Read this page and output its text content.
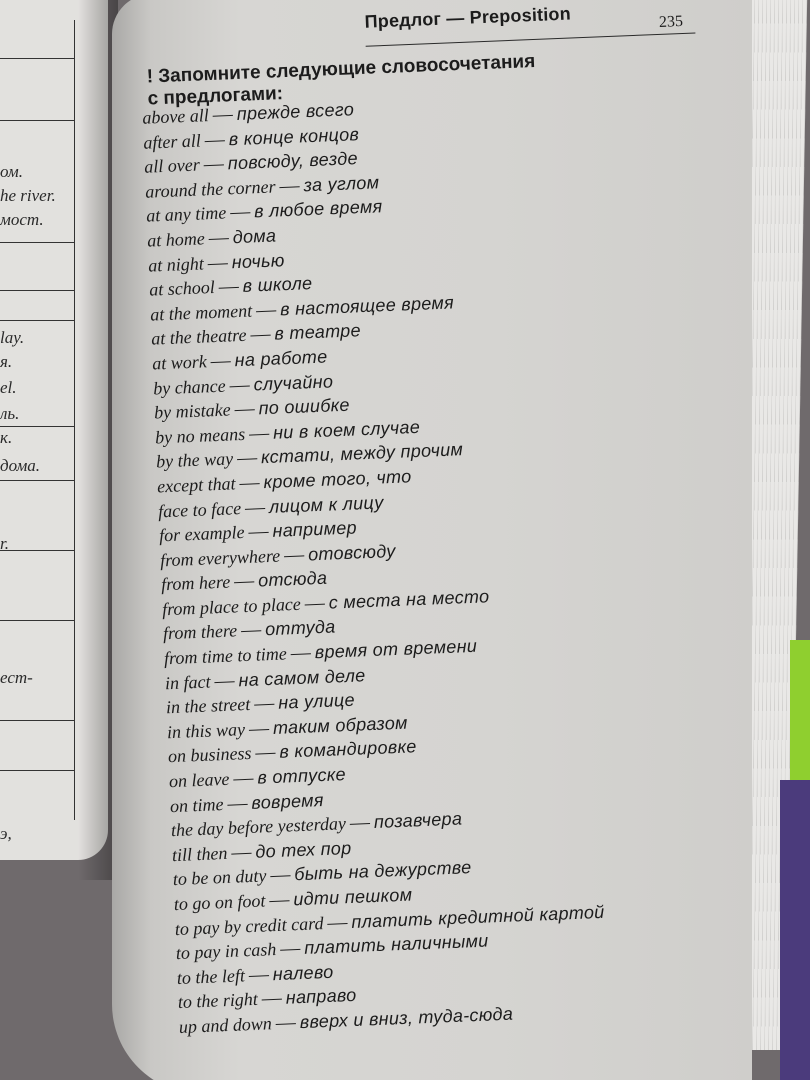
ом.
he river.
мост.
lay.
я.
el.
ль.
к.
дома.
r.
ест-
э,
Предлог — Preposition	235
! Запомните следующие словосочетания
с предлогами:
above all — прежде всего
after all — в конце концов
all over — повсюду, везде
around the corner — за углом
at any time — в любое время
at home — дома
at night — ночью
at school — в школе
at the moment — в настоящее время
at the theatre — в театре
at work — на работе
by chance — случайно
by mistake — по ошибке
by no means — ни в коем случае
by the way — кстати, между прочим
except that — кроме того, что
face to face — лицом к лицу
for example — например
from everywhere — отовсюду
from here — отсюда
from place to place — с места на место
from there — оттуда
from time to time — время от времени
in fact — на самом деле
in the street — на улице
in this way — таким образом
on business — в командировке
on leave — в отпуске
on time — вовремя
the day before yesterday — позавчера
till then — до тех пор
to be on duty — быть на дежурстве
to go on foot — идти пешком
to pay by credit card — платить кредитной картой
to pay in cash — платить наличными
to the left — налево
to the right — направо
up and down — вверх и вниз, туда-сюда
